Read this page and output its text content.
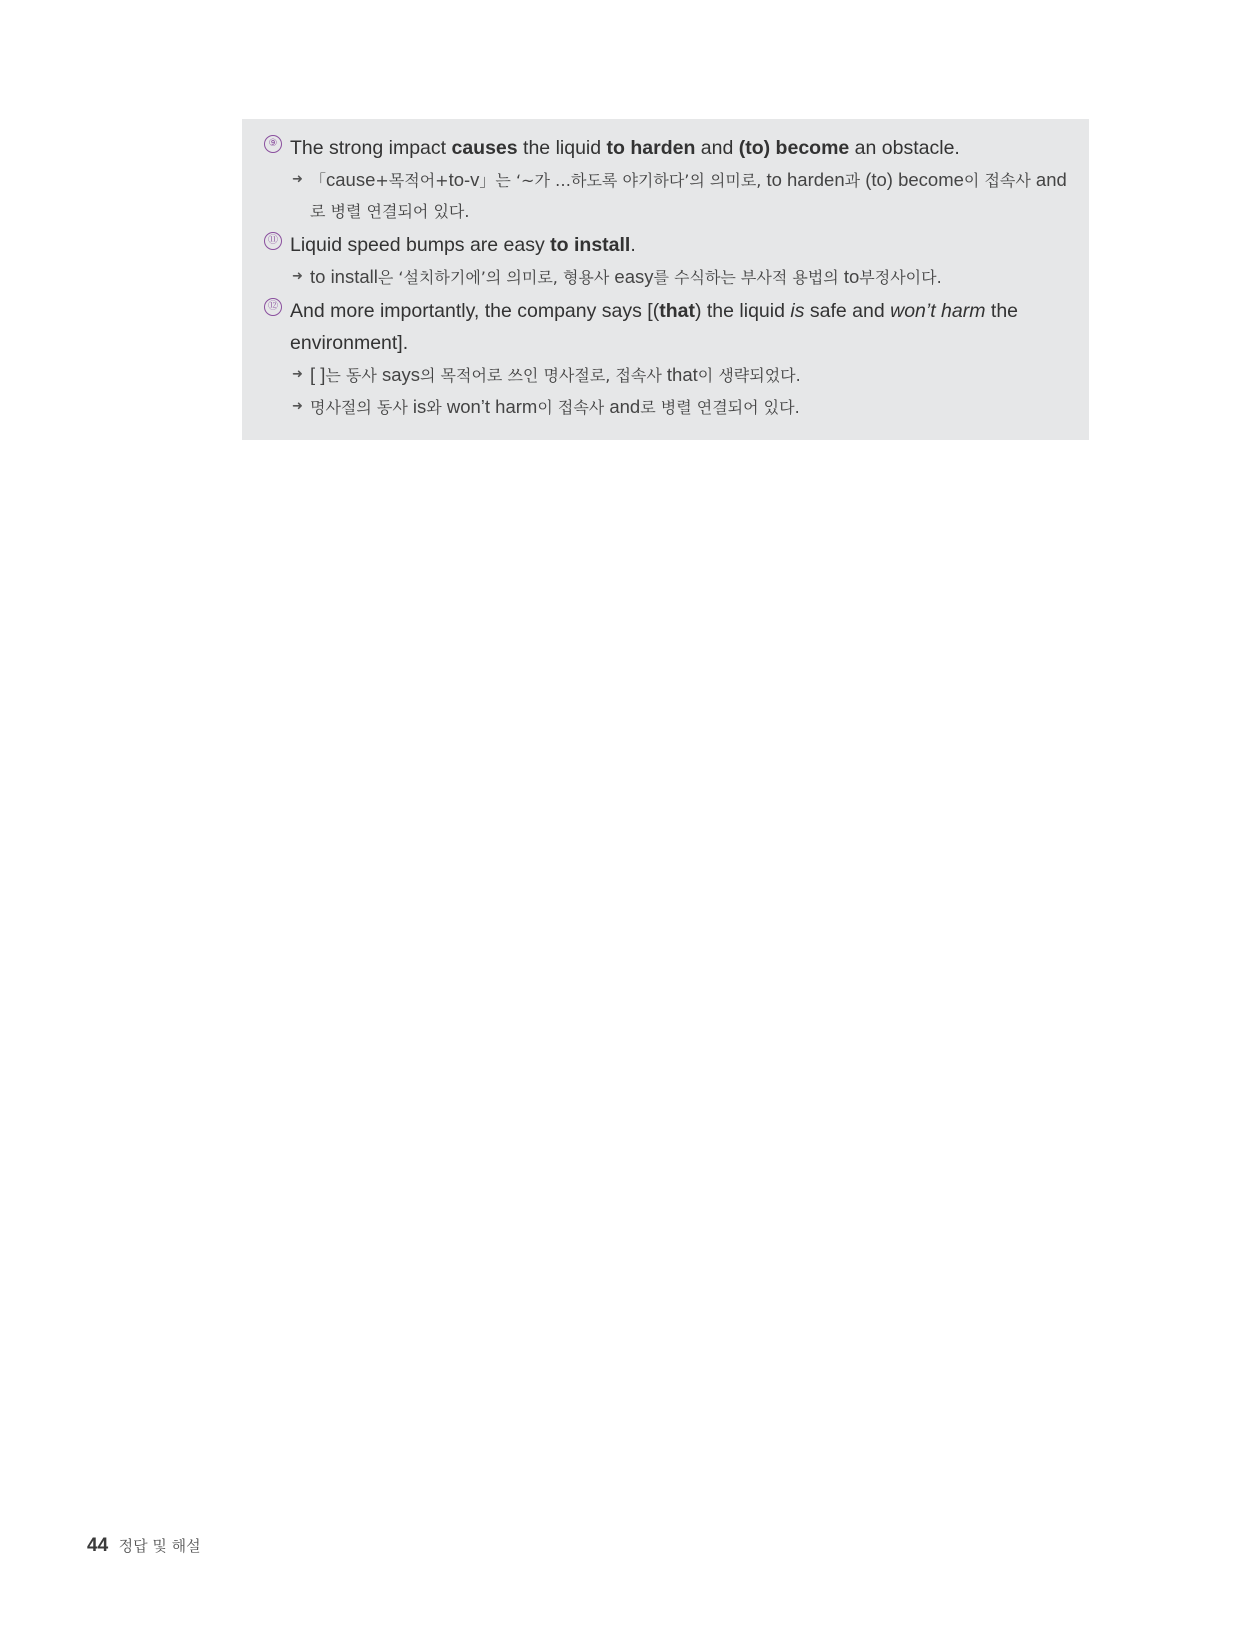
⑨ The strong impact causes the liquid to harden and (to) become an obstacle.
➜ 「cause+목적어+to-v」는 ‘~가 …하도록 야기하다’의 의미로, to harden과 (to) become이 접속사 and로 병렬 연결되어 있다.
⑪ Liquid speed bumps are easy to install.
➜ to install은 ‘설치하기에’의 의미로, 형용사 easy를 수식하는 부사적 용법의 to부정사이다.
⑫ And more importantly, the company says [(that) the liquid is safe and won’t harm the environment].
➜ [ ]는 동사 says의 목적어로 쓰인 명사절로, 접속사 that이 생략되었다.
➜ 명사절의 동사 is와 won’t harm이 접속사 and로 병렬 연결되어 있다.
44 정답 및 해설
